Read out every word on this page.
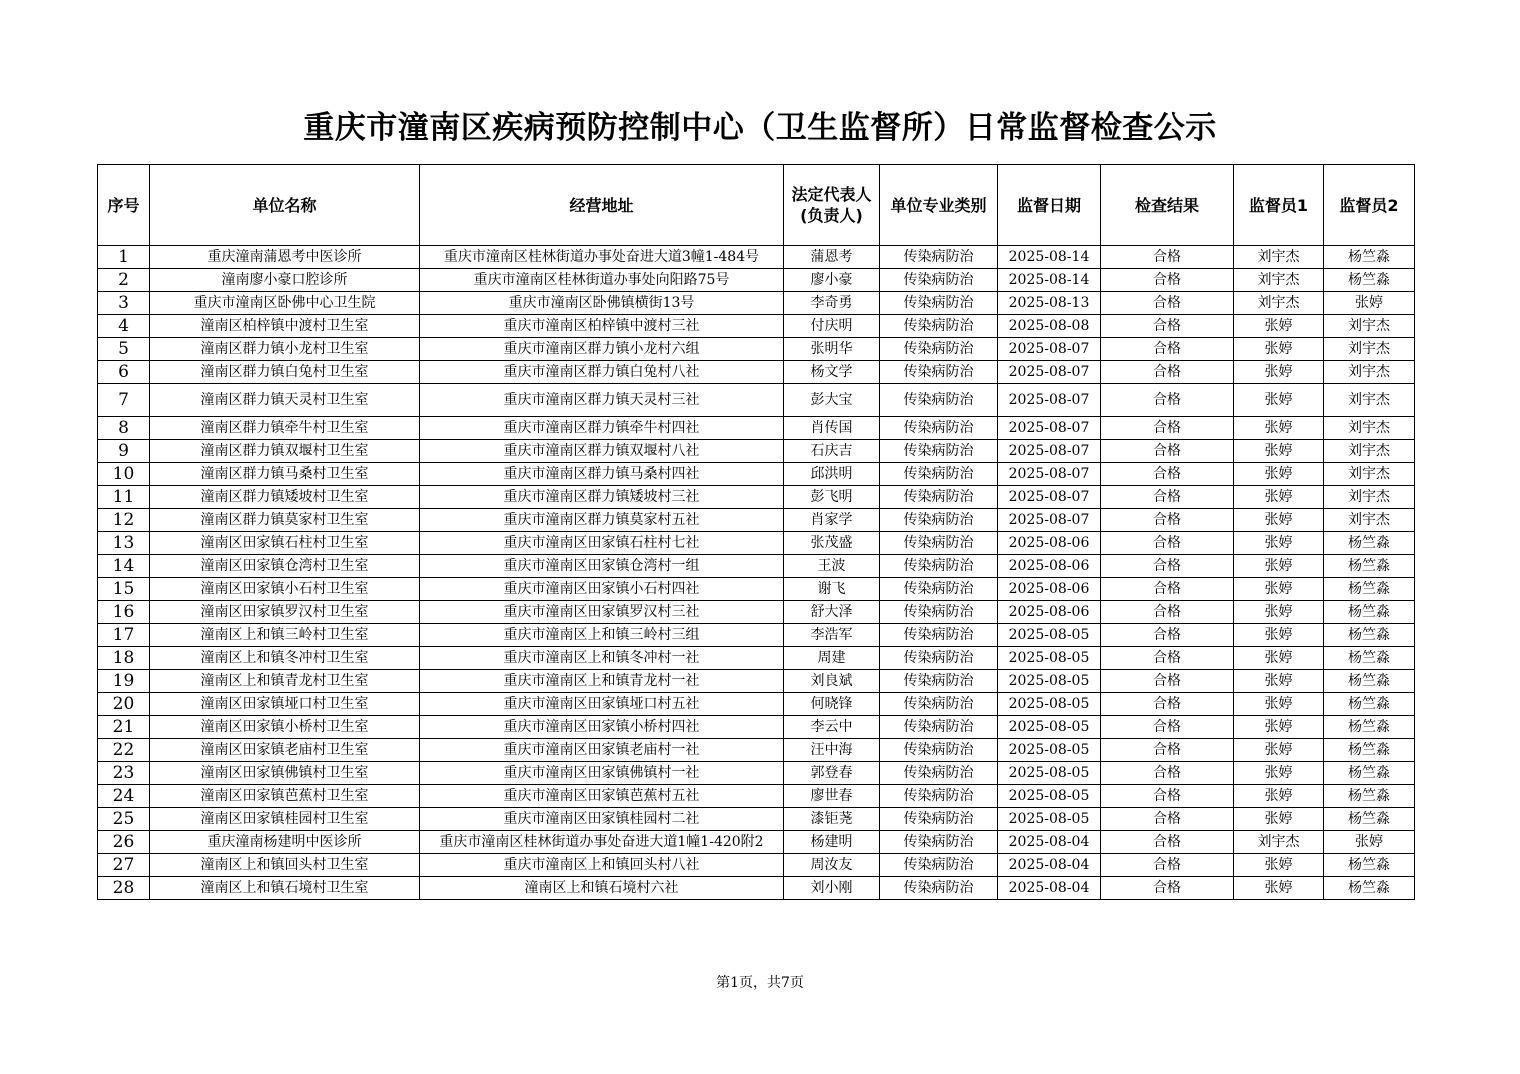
重庆市潼南区疾病预防控制中心（卫生监督所）日常监督检查公示
序号	单位名称	经营地址	法定代表人(负责人)	单位专业类别	监督日期	检查结果	监督员1	监督员2
1	重庆潼南蒲恩考中医诊所	重庆市潼南区桂林街道办事处奋进大道3幢1-484号	蒲恩考	传染病防治	2025-08-14	合格	刘宇杰	杨竺淼
2	潼南廖小豪口腔诊所	重庆市潼南区桂林街道办事处向阳路75号	廖小豪	传染病防治	2025-08-14	合格	刘宇杰	杨竺淼
3	重庆市潼南区卧佛中心卫生院	重庆市潼南区卧佛镇横街13号	李奇勇	传染病防治	2025-08-13	合格	刘宇杰	张婷
4	潼南区柏梓镇中渡村卫生室	重庆市潼南区柏梓镇中渡村三社	付庆明	传染病防治	2025-08-08	合格	张婷	刘宇杰
5	潼南区群力镇小龙村卫生室	重庆市潼南区群力镇小龙村六组	张明华	传染病防治	2025-08-07	合格	张婷	刘宇杰
6	潼南区群力镇白兔村卫生室	重庆市潼南区群力镇白兔村八社	杨文学	传染病防治	2025-08-07	合格	张婷	刘宇杰
7	潼南区群力镇天灵村卫生室	重庆市潼南区群力镇天灵村三社	彭大宝	传染病防治	2025-08-07	合格	张婷	刘宇杰
8	潼南区群力镇牵牛村卫生室	重庆市潼南区群力镇牵牛村四社	肖传国	传染病防治	2025-08-07	合格	张婷	刘宇杰
9	潼南区群力镇双堰村卫生室	重庆市潼南区群力镇双堰村八社	石庆吉	传染病防治	2025-08-07	合格	张婷	刘宇杰
10	潼南区群力镇马桑村卫生室	重庆市潼南区群力镇马桑村四社	邱洪明	传染病防治	2025-08-07	合格	张婷	刘宇杰
11	潼南区群力镇矮坡村卫生室	重庆市潼南区群力镇矮坡村三社	彭飞明	传染病防治	2025-08-07	合格	张婷	刘宇杰
12	潼南区群力镇莫家村卫生室	重庆市潼南区群力镇莫家村五社	肖家学	传染病防治	2025-08-07	合格	张婷	刘宇杰
13	潼南区田家镇石柱村卫生室	重庆市潼南区田家镇石柱村七社	张茂盛	传染病防治	2025-08-06	合格	张婷	杨竺淼
14	潼南区田家镇仓湾村卫生室	重庆市潼南区田家镇仓湾村一组	王波	传染病防治	2025-08-06	合格	张婷	杨竺淼
15	潼南区田家镇小石村卫生室	重庆市潼南区田家镇小石村四社	谢飞	传染病防治	2025-08-06	合格	张婷	杨竺淼
16	潼南区田家镇罗汉村卫生室	重庆市潼南区田家镇罗汉村三社	舒大泽	传染病防治	2025-08-06	合格	张婷	杨竺淼
17	潼南区上和镇三岭村卫生室	重庆市潼南区上和镇三岭村三组	李浩军	传染病防治	2025-08-05	合格	张婷	杨竺淼
18	潼南区上和镇冬冲村卫生室	重庆市潼南区上和镇冬冲村一社	周建	传染病防治	2025-08-05	合格	张婷	杨竺淼
19	潼南区上和镇青龙村卫生室	重庆市潼南区上和镇青龙村一社	刘良斌	传染病防治	2025-08-05	合格	张婷	杨竺淼
20	潼南区田家镇垭口村卫生室	重庆市潼南区田家镇垭口村五社	何晓锋	传染病防治	2025-08-05	合格	张婷	杨竺淼
21	潼南区田家镇小桥村卫生室	重庆市潼南区田家镇小桥村四社	李云中	传染病防治	2025-08-05	合格	张婷	杨竺淼
22	潼南区田家镇老庙村卫生室	重庆市潼南区田家镇老庙村一社	汪中海	传染病防治	2025-08-05	合格	张婷	杨竺淼
23	潼南区田家镇佛镇村卫生室	重庆市潼南区田家镇佛镇村一社	郭登春	传染病防治	2025-08-05	合格	张婷	杨竺淼
24	潼南区田家镇芭蕉村卫生室	重庆市潼南区田家镇芭蕉村五社	廖世春	传染病防治	2025-08-05	合格	张婷	杨竺淼
25	潼南区田家镇桂园村卫生室	重庆市潼南区田家镇桂园村二社	漆钜荛	传染病防治	2025-08-05	合格	张婷	杨竺淼
26	重庆潼南杨建明中医诊所	重庆市潼南区桂林街道办事处奋进大道1幢1-420附2	杨建明	传染病防治	2025-08-04	合格	刘宇杰	张婷
27	潼南区上和镇回头村卫生室	重庆市潼南区上和镇回头村八社	周汝友	传染病防治	2025-08-04	合格	张婷	杨竺淼
28	潼南区上和镇石境村卫生室	潼南区上和镇石境村六社	刘小刚	传染病防治	2025-08-04	合格	张婷	杨竺淼
第1页，共7页
